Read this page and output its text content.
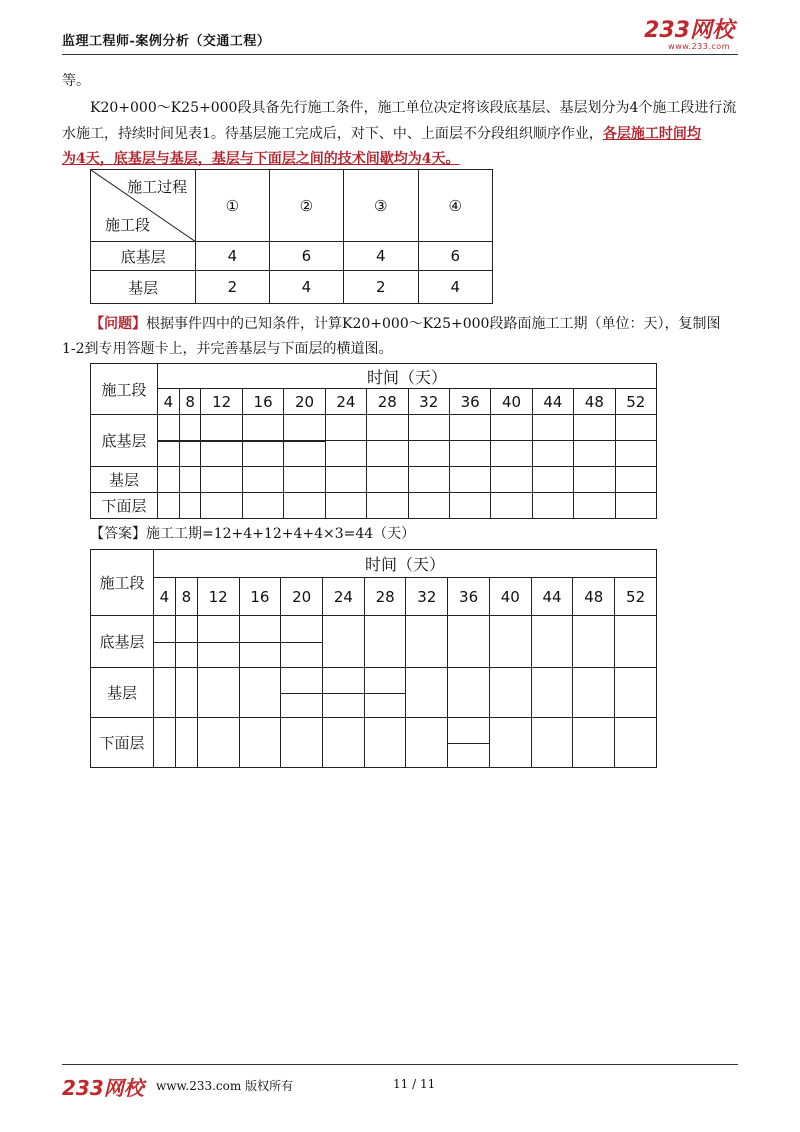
监理工程师-案例分析（交通工程）	233网校
www.233.com
等。
K20+000～K25+000段具备先行施工条件，施工单位决定将该段底基层、基层划分为4个施工段进行流
水施工，持续时间见表1。待基层施工完成后，对下、中、上面层不分段组织顺序作业，各层施工时间均
为4天，底基层与基层，基层与下面层之间的技术间歇均为4天。
施工过程
施工段	①	②	③	④
底基层	4	6	4	6
基层	2	4	2	4
【问题】根据事件四中的已知条件，计算K20+000～K25+000段路面施工工期（单位：天），复制图
1-2到专用答题卡上，并完善基层与下面层的横道图。
施工段	时间（天）												
	4	8	12	16	20	24	28	32	36	40	44	48	52
底基层													

基层													
下面层													
【答案】施工工期=12+4+12+4+4×3=44（天）
施工段	时间（天）												
	4	8	12	16	20	24	28	32	36	40	44	48	52
底基层													
基层													
下面层													
233网校 www.233.com 版权所有	11 / 11
